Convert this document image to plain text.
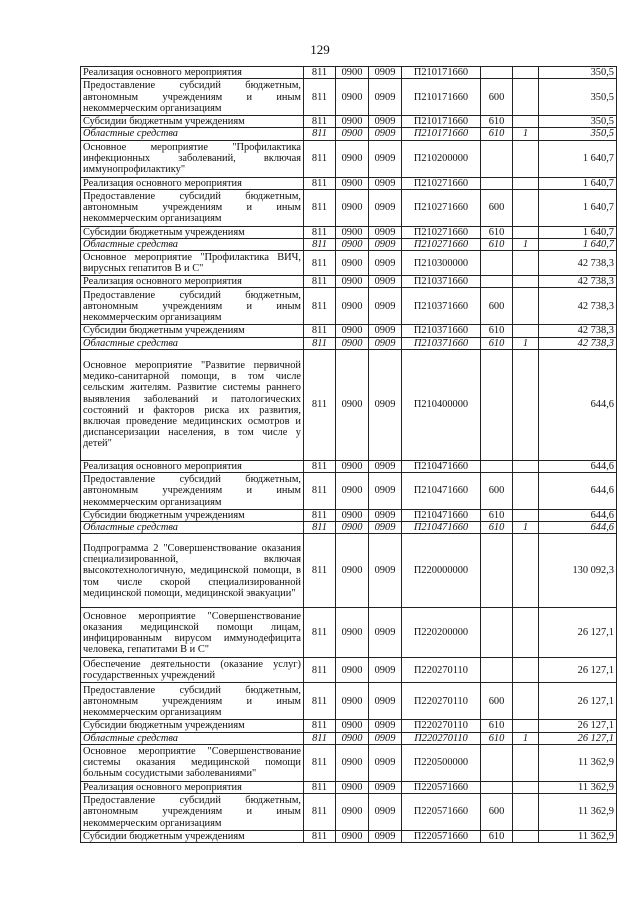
129
Реализация основного мероприятия	811	0900	0909	П210171660			350,5
Предоставление субсидий бюджетным, автономным учреждениям и иным некоммерческим организациям	811	0900	0909	П210171660	600		350,5
Субсидии бюджетным учреждениям	811	0900	0909	П210171660	610		350,5
Областные средства	811	0900	0909	П210171660	610	1	350,5
Основное мероприятие "Профилактика инфекционных заболеваний, включая иммунопрофилактику"	811	0900	0909	П210200000			1 640,7
Реализация основного мероприятия	811	0900	0909	П210271660			1 640,7
Предоставление субсидий бюджетным, автономным учреждениям и иным некоммерческим организациям	811	0900	0909	П210271660	600		1 640,7
Субсидии бюджетным учреждениям	811	0900	0909	П210271660	610		1 640,7
Областные средства	811	0900	0909	П210271660	610	1	1 640,7
Основное мероприятие "Профилактика ВИЧ, вирусных гепатитов В и С"	811	0900	0909	П210300000			42 738,3
Реализация основного мероприятия	811	0900	0909	П210371660			42 738,3
Предоставление субсидий бюджетным, автономным учреждениям и иным некоммерческим организациям	811	0900	0909	П210371660	600		42 738,3
Субсидии бюджетным учреждениям	811	0900	0909	П210371660	610		42 738,3
Областные средства	811	0900	0909	П210371660	610	1	42 738,3
Основное мероприятие "Развитие первичной медико-санитарной помощи, в том числе сельским жителям. Развитие системы раннего выявления заболеваний и патологических состояний и факторов риска их развития, включая проведение медицинских осмотров и диспансеризации населения, в том числе у детей"	811	0900	0909	П210400000			644,6
Реализация основного мероприятия	811	0900	0909	П210471660			644,6
Предоставление субсидий бюджетным, автономным учреждениям и иным некоммерческим организациям	811	0900	0909	П210471660	600		644,6
Субсидии бюджетным учреждениям	811	0900	0909	П210471660	610		644,6
Областные средства	811	0900	0909	П210471660	610	1	644,6
Подпрограмма 2 "Совершенствование оказания специализированной, включая высокотехнологичную, медицинской помощи, в том числе скорой специализированной медицинской помощи, медицинской эвакуации"	811	0900	0909	П220000000			130 092,3
Основное мероприятие "Совершенствование оказания медицинской помощи лицам, инфицированным вирусом иммунодефицита человека, гепатитами В и С"	811	0900	0909	П220200000			26 127,1
Обеспечение деятельности (оказание услуг) государственных учреждений	811	0900	0909	П220270110			26 127,1
Предоставление субсидий бюджетным, автономным учреждениям и иным некоммерческим организациям	811	0900	0909	П220270110	600		26 127,1
Субсидии бюджетным учреждениям	811	0900	0909	П220270110	610		26 127,1
Областные средства	811	0900	0909	П220270110	610	1	26 127,1
Основное мероприятие "Совершенствование системы оказания медицинской помощи больным сосудистыми заболеваниями"	811	0900	0909	П220500000			11 362,9
Реализация основного мероприятия	811	0900	0909	П220571660			11 362,9
Предоставление субсидий бюджетным, автономным учреждениям и иным некоммерческим организациям	811	0900	0909	П220571660	600		11 362,9
Субсидии бюджетным учреждениям	811	0900	0909	П220571660	610		11 362,9
